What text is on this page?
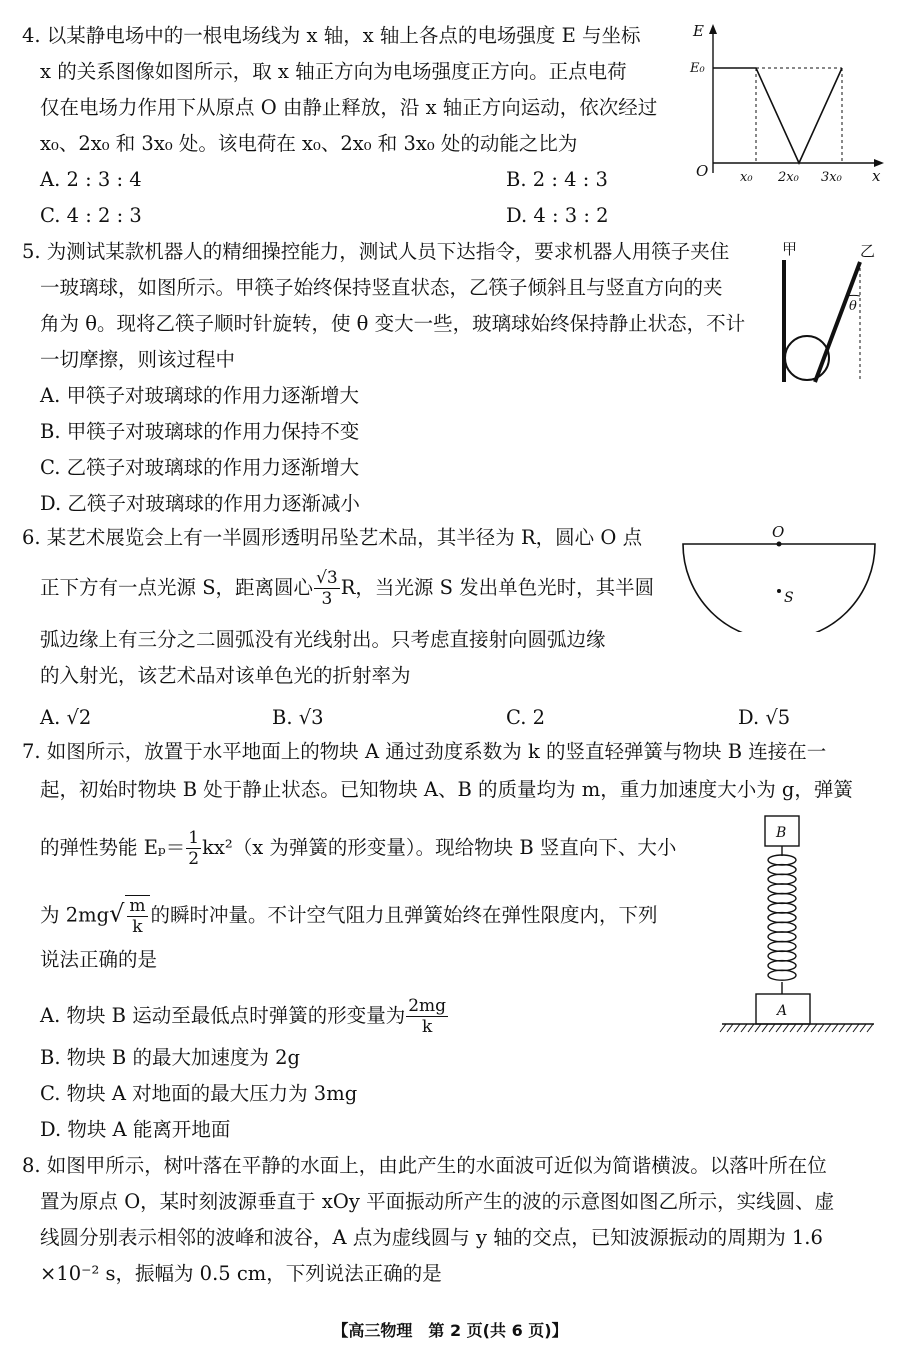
4. 以某静电场中的一根电场线为 x 轴，x 轴上各点的电场强度 E 与坐标
x 的关系图像如图所示，取 x 轴正方向为电场强度正方向。正点电荷
仅在电场力作用下从原点 O 由静止释放，沿 x 轴正方向运动，依次经过
x₀、2x₀ 和 3x₀ 处。该电荷在 x₀、2x₀ 和 3x₀ 处的动能之比为
A. 2 : 3 : 4	B. 2 : 4 : 3
C. 4 : 2 : 3	D. 4 : 3 : 2
E
x
O
E₀
x₀ 2x₀ 3x₀
5. 为测试某款机器人的精细操控能力，测试人员下达指令，要求机器人用筷子夹住
一玻璃球，如图所示。甲筷子始终保持竖直状态，乙筷子倾斜且与竖直方向的夹
角为 θ。现将乙筷子顺时针旋转，使 θ 变大一些，玻璃球始终保持静止状态，不计
一切摩擦，则该过程中
A. 甲筷子对玻璃球的作用力逐渐增大
B. 甲筷子对玻璃球的作用力保持不变
C. 乙筷子对玻璃球的作用力逐渐增大
D. 乙筷子对玻璃球的作用力逐渐减小
甲	乙
θ
6. 某艺术展览会上有一半圆形透明吊坠艺术品，其半径为 R，圆心 O 点
正下方有一点光源 S，距离圆心 $\frac{√3}{3}$ R，当光源 S 发出单色光时，其半圆
弧边缘上有三分之二圆弧没有光线射出。只考虑直接射向圆弧边缘
的入射光，该艺术品对该单色光的折射率为
A. √2	B. √3	C. 2	D. √5
O
S
7. 如图所示，放置于水平地面上的物块 A 通过劲度系数为 k 的竖直轻弹簧与物块 B 连接在一
起，初始时物块 B 处于静止状态。已知物块 A、B 的质量均为 m，重力加速度大小为 g，弹簧
的弹性势能 $E_p= \frac{1}{2} kx^2(x$ 为弹簧的形变量）。现给物块 B 竖直向下、大小
为 $2mg√ \frac{m}{k}$ 的瞬时冲量。不计空气阻力且弹簧始终在弹性限度内，下列
说法正确的是
A. 物块 B 运动至最低点时弹簧的形变量为 $\frac{2mg}{k}$
B. 物块 B 的最大加速度为 2g
C. 物块 A 对地面的最大压力为 3mg
D. 物块 A 能离开地面
B
A
8. 如图甲所示，树叶落在平静的水面上，由此产生的水面波可近似为简谐横波。以落叶所在位
置为原点 O，某时刻波源垂直于 xOy 平面振动所产生的波的示意图如图乙所示，实线圆、虚
线圆分别表示相邻的波峰和波谷，A 点为虚线圆与 y 轴的交点，已知波源振动的周期为 1.6
×10⁻² s，振幅为 0.5 cm，下列说法正确的是
【高三物理　第 2 页(共 6 页)】
